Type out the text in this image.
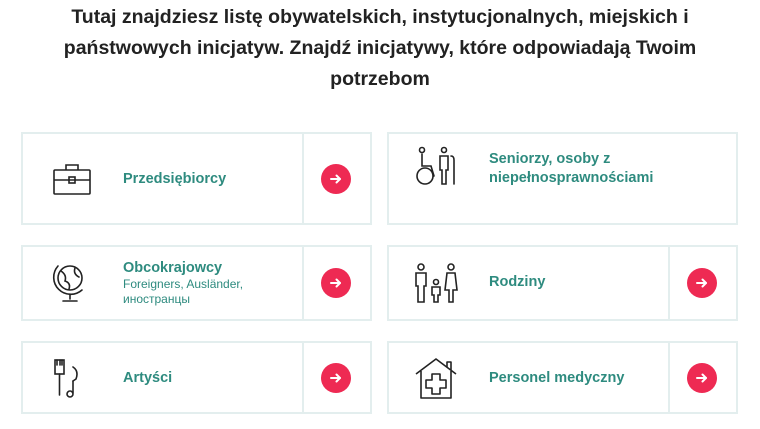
Tutaj znajdziesz listę obywatelskich, instytucjonalnych, miejskich i
państwowych inicjatyw. Znajdź inicjatywy, które odpowiadają Twoim
potrzebom
Przedsiębiorcy
Seniorzy, osoby z
niepełnosprawnościami
Obcokrajowcy
Foreigners, Ausländer,
иностранцы
Rodziny
Artyści	Personel medyczny
